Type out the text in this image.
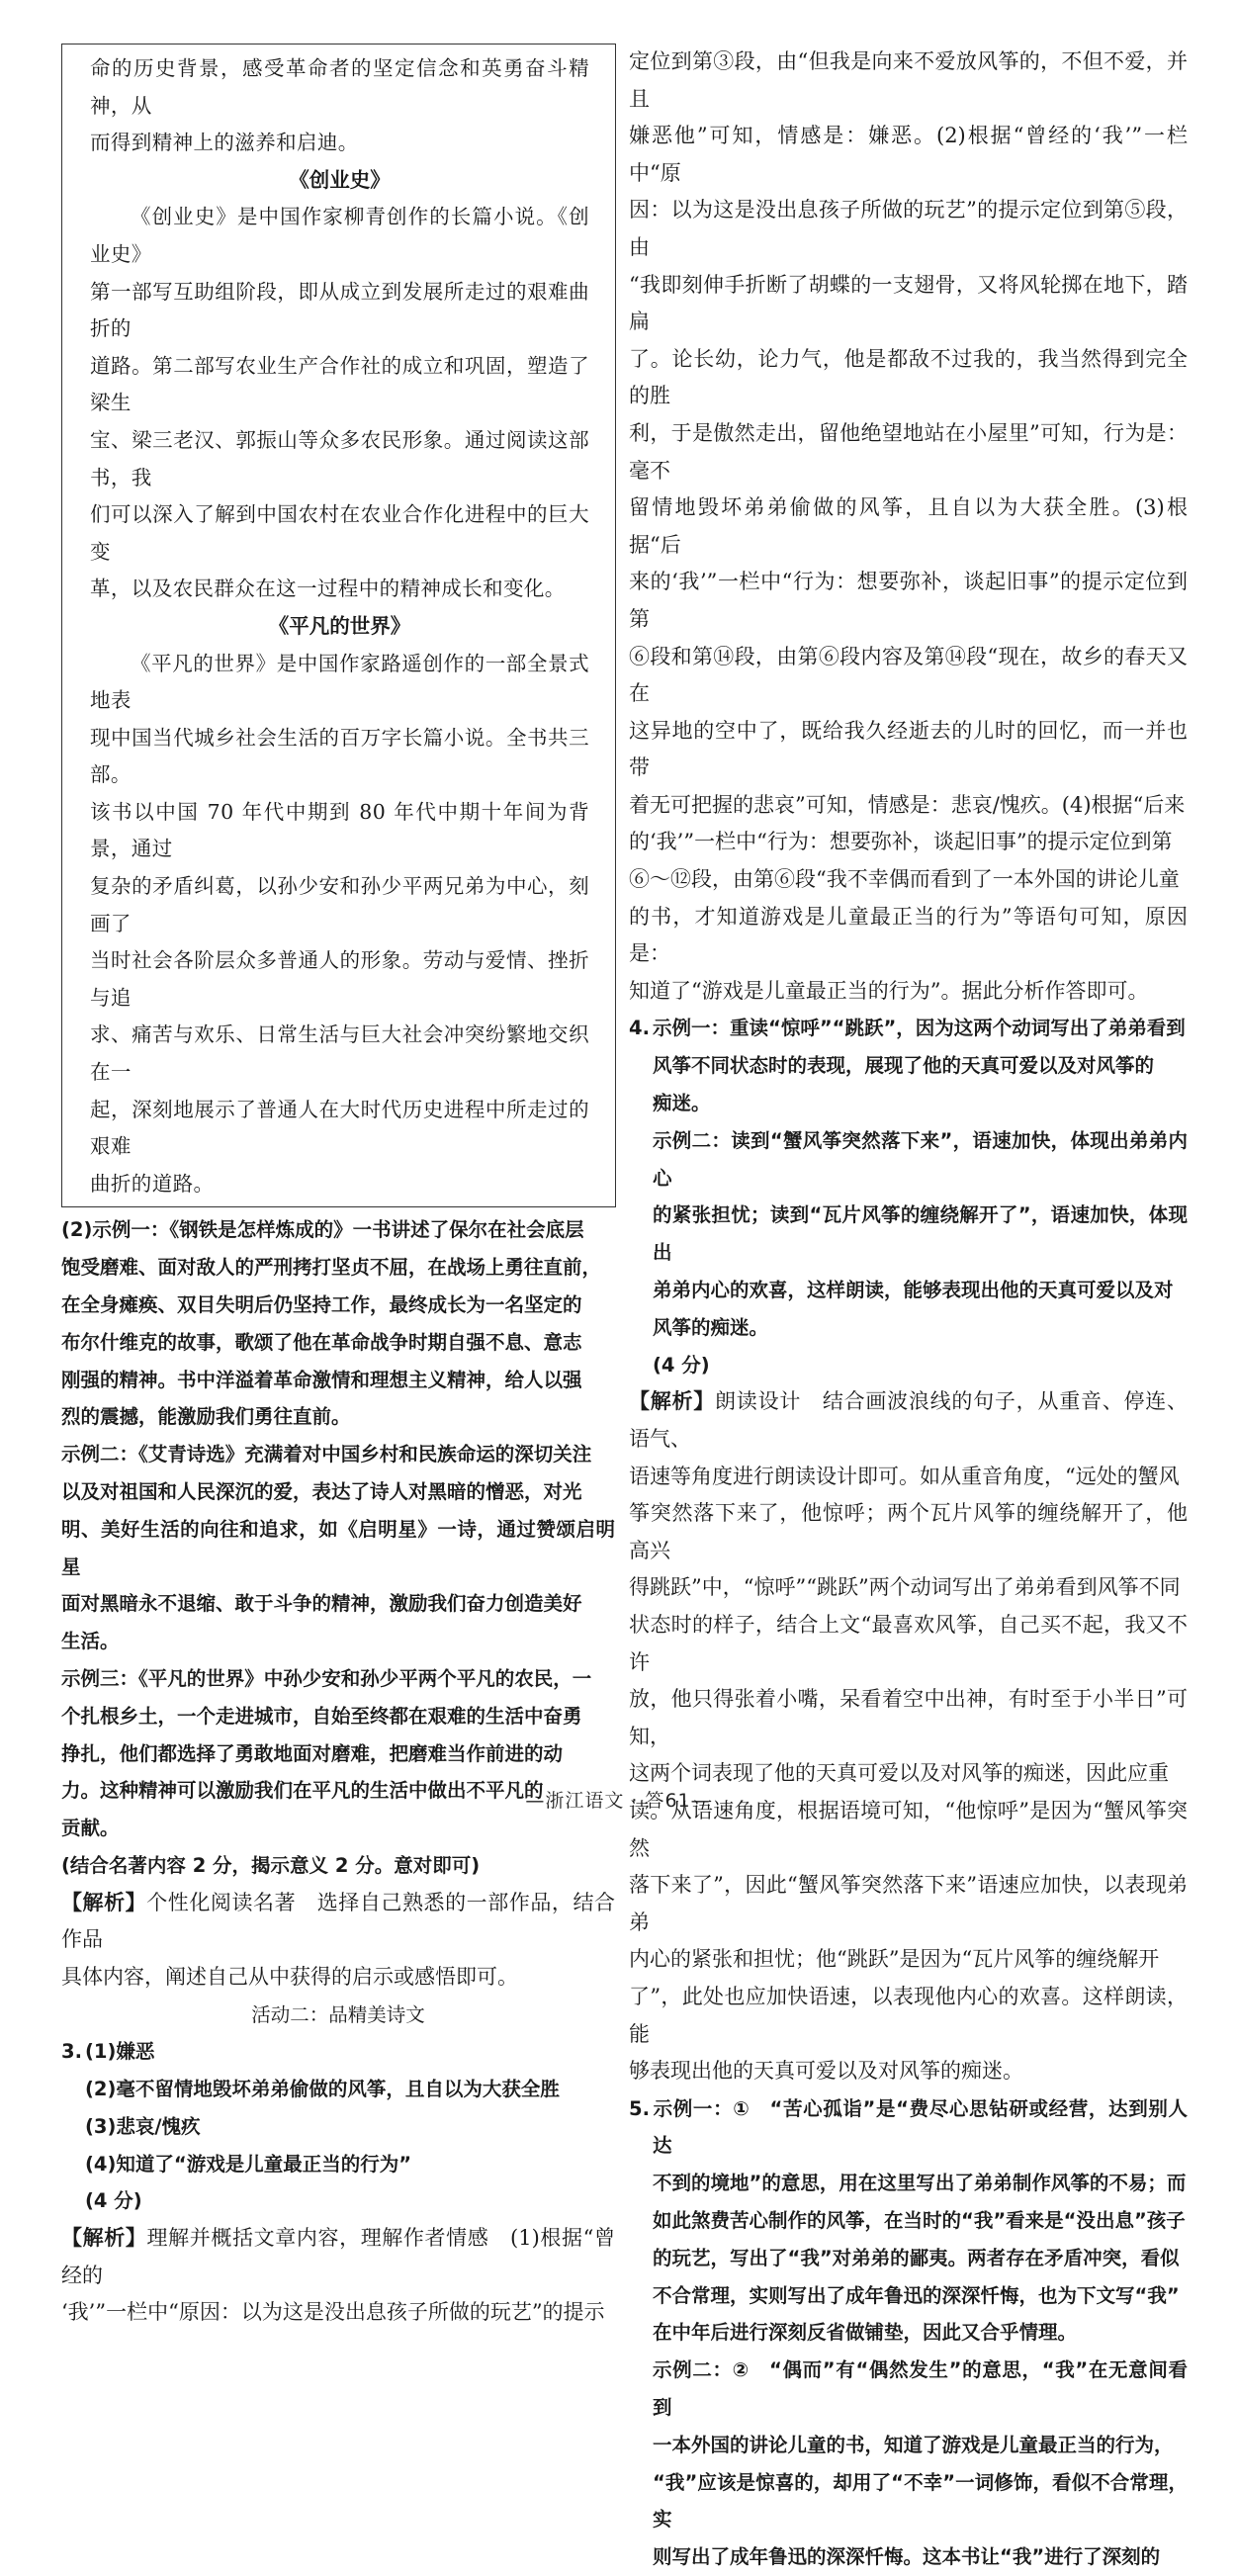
命的历史背景，感受革命者的坚定信念和英勇奋斗精神，从

而得到精神上的滋养和启迪。

《创业史》

《创业史》是中国作家柳青创作的长篇小说。《创业史》

第一部写互助组阶段，即从成立到发展所走过的艰难曲折的

道路。第二部写农业生产合作社的成立和巩固，塑造了梁生

宝、梁三老汉、郭振山等众多农民形象。通过阅读这部书，我

们可以深入了解到中国农村在农业合作化进程中的巨大变

革，以及农民群众在这一过程中的精神成长和变化。

《平凡的世界》

《平凡的世界》是中国作家路遥创作的一部全景式地表

现中国当代城乡社会生活的百万字长篇小说。全书共三部。

该书以中国 70 年代中期到 80 年代中期十年间为背景，通过

复杂的矛盾纠葛，以孙少安和孙少平两兄弟为中心，刻画了

当时社会各阶层众多普通人的形象。劳动与爱情、挫折与追

求、痛苦与欢乐、日常生活与巨大社会冲突纷繁地交织在一

起，深刻地展示了普通人在大时代历史进程中所走过的艰难

曲折的道路。

(2)示例一：《钢铁是怎样炼成的》一书讲述了保尔在社会底层

饱受磨难、面对敌人的严刑拷打坚贞不屈，在战场上勇往直前，

在全身瘫痪、双目失明后仍坚持工作，最终成长为一名坚定的

布尔什维克的故事，歌颂了他在革命战争时期自强不息、意志

刚强的精神。书中洋溢着革命激情和理想主义精神，给人以强

烈的震撼，能激励我们勇往直前。

示例二：《艾青诗选》充满着对中国乡村和民族命运的深切关注

以及对祖国和人民深沉的爱，表达了诗人对黑暗的憎恶，对光

明、美好生活的向往和追求，如《启明星》一诗，通过赞颂启明星

面对黑暗永不退缩、敢于斗争的精神，激励我们奋力创造美好

生活。

示例三：《平凡的世界》中孙少安和孙少平两个平凡的农民，一

个扎根乡土，一个走进城市，自始至终都在艰难的生活中奋勇

挣扎，他们都选择了勇敢地面对磨难，把磨难当作前进的动

力。这种精神可以激励我们在平凡的生活中做出不平凡的

贡献。

(结合名著内容 2 分，揭示意义 2 分。意对即可)

【解析】个性化阅读名著　选择自己熟悉的一部作品，结合作品

具体内容，阐述自己从中获得的启示或感悟即可。

活动二：品精美诗文

3. (1)嫌恶

(2)毫不留情地毁坏弟弟偷做的风筝，且自以为大获全胜

(3)悲哀/愧疚

(4)知道了“游戏是儿童最正当的行为”

(4 分)

【解析】理解并概括文章内容，理解作者情感　(1)根据“曾经的

‘我’”一栏中“原因：以为这是没出息孩子所做的玩艺”的提示

定位到第③段，由“但我是向来不爱放风筝的，不但不爱，并且

嫌恶他”可知，情感是：嫌恶。(2)根据“曾经的‘我’”一栏中“原

因：以为这是没出息孩子所做的玩艺”的提示定位到第⑤段，由

“我即刻伸手折断了胡蝶的一支翅骨，又将风轮掷在地下，踏扁

了。论长幼，论力气，他是都敌不过我的，我当然得到完全的胜

利，于是傲然走出，留他绝望地站在小屋里”可知，行为是：毫不

留情地毁坏弟弟偷做的风筝，且自以为大获全胜。(3)根据“后

来的‘我’”一栏中“行为：想要弥补，谈起旧事”的提示定位到第

⑥段和第⑭段，由第⑥段内容及第⑭段“现在，故乡的春天又在

这异地的空中了，既给我久经逝去的儿时的回忆，而一并也带

着无可把握的悲哀”可知，情感是：悲哀/愧疚。(4)根据“后来

的‘我’”一栏中“行为：想要弥补，谈起旧事”的提示定位到第

⑥～⑫段，由第⑥段“我不幸偶而看到了一本外国的讲论儿童

的书，才知道游戏是儿童最正当的行为”等语句可知，原因是：

知道了“游戏是儿童最正当的行为”。据此分析作答即可。

4. 示例一：重读“惊呼”“跳跃”，因为这两个动词写出了弟弟看到

风筝不同状态时的表现，展现了他的天真可爱以及对风筝的

痴迷。

示例二：读到“蟹风筝突然落下来”，语速加快，体现出弟弟内心

的紧张担忧；读到“瓦片风筝的缠绕解开了”，语速加快，体现出

弟弟内心的欢喜，这样朗读，能够表现出他的天真可爱以及对

风筝的痴迷。

(4 分)

【解析】朗读设计　结合画波浪线的句子，从重音、停连、语气、

语速等角度进行朗读设计即可。如从重音角度，“远处的蟹风

筝突然落下来了，他惊呼；两个瓦片风筝的缠绕解开了，他高兴

得跳跃”中，“惊呼”“跳跃”两个动词写出了弟弟看到风筝不同

状态时的样子，结合上文“最喜欢风筝，自己买不起，我又不许

放，他只得张着小嘴，呆看着空中出神，有时至于小半日”可知，

这两个词表现了他的天真可爱以及对风筝的痴迷，因此应重

读。从语速角度，根据语境可知，“他惊呼”是因为“蟹风筝突然

落下来了”，因此“蟹风筝突然落下来”语速应加快，以表现弟弟

内心的紧张和担忧；他“跳跃”是因为“瓦片风筝的缠绕解开

了”，此处也应加快语速，以表现他内心的欢喜。这样朗读，能

够表现出他的天真可爱以及对风筝的痴迷。

5. 示例一：①　“苦心孤诣”是“费尽心思钻研或经营，达到别人达

不到的境地”的意思，用在这里写出了弟弟制作风筝的不易；而

如此煞费苦心制作的风筝，在当时的“我”看来是“没出息”孩子

的玩艺，写出了“我”对弟弟的鄙夷。两者存在矛盾冲突，看似

不合常理，实则写出了成年鲁迅的深深忏悔，也为下文写“我”

在中年后进行深刻反省做铺垫，因此又合乎情理。

示例二：②　“偶而”有“偶然发生”的意思，“我”在无意间看到

一本外国的讲论儿童的书，知道了游戏是儿童最正当的行为，

“我”应该是惊喜的，却用了“不幸”一词修饰，看似不合常理，实

则写出了成年鲁迅的深深忏悔。这本书让“我”进行了深刻的

—浙江语文 · 答61—
